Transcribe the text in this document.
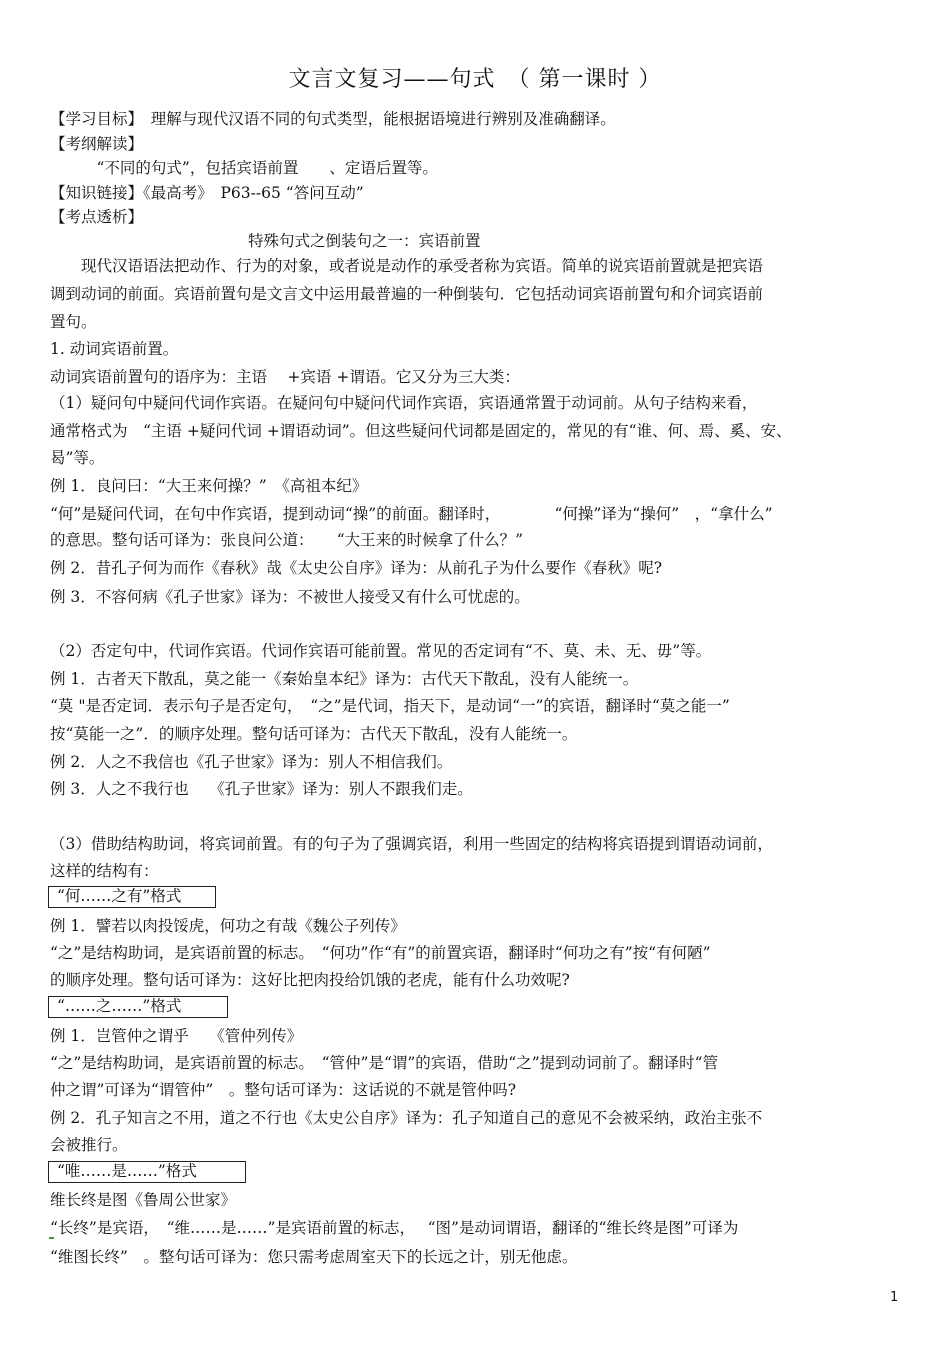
文言文复习——句式　（ 第一课时 ）
【学习目标】　理解与现代汉语不同的句式类型，能根据语境进行辨别及准确翻译。
【考纲解读】
　　　“不同的句式”，包括宾语前置　　、定语后置等。
【知识链接】《最高考》　P63--65 “答问互动”
【考点透析】
特殊句式之倒装句之一：宾语前置
　　现代汉语语法把动作、行为的对象，或者说是动作的承受者称为宾语。简单的说宾语前置就是把宾语
调到动词的前面。宾语前置句是文言文中运用最普遍的一种倒装句．它包括动词宾语前置句和介词宾语前
置句。
1. 动词宾语前置。
动词宾语前置句的语序为：主语　 +宾语 +谓语。它又分为三大类：
（1）疑问句中疑问代词作宾语。在疑问句中疑问代词作宾语，宾语通常置于动词前。从句子结构来看，
通常格式为　“主语 +疑问代词 +谓语动词”。但这些疑问代词都是固定的，常见的有“谁、何、焉、奚、安、
曷”等。
例 1．良问曰：“大王来何操？”　《高祖本纪》
“何”是疑问代词，在句中作宾语，提到动词“操”的前面。翻译时，　　　　“何操”译为“操何”　，“拿什么”
的意思。整句话可译为：张良问公道：　　“大王来的时候拿了什么？”
例 2．昔孔子何为而作《春秋》哉《太史公自序》译为：从前孔子为什么要作《春秋》呢?
例 3．不容何病《孔子世家》译为：不被世人接受又有什么可忧虑的。
（2）否定句中，代词作宾语。代词作宾语可能前置。常见的否定词有“不、莫、未、无、毋”等。
例 1．古者天下散乱，莫之能一《秦始皇本纪》译为：古代天下散乱，没有人能统一。
“莫 "是否定词．表示句子是否定句，　“之”是代词，指天下，是动词“一”的宾语，翻译时“莫之能一”
按“莫能一之”．的顺序处理。整句话可译为：古代天下散乱，没有人能统一。
例 2．人之不我信也《孔子世家》译为：别人不相信我们。
例 3．人之不我行也　 《孔子世家》译为：别人不跟我们走。
（3）借助结构助词，将宾词前置。有的句子为了强调宾语，利用一些固定的结构将宾语提到谓语动词前，
这样的结构有：
“何……之有”格式
例 1．譬若以肉投馁虎，何功之有哉《魏公子列传》
“之”是结构助词，是宾语前置的标志。　“何功”作“有”的前置宾语，翻译时“何功之有”按“有何陋”
的顺序处理。整句话可译为：这好比把肉投给饥饿的老虎，能有什么功效呢?
“……之……”格式
例 1．岂管仲之谓乎　 《管仲列传》
“之”是结构助词，是宾语前置的标志。　“管仲”是“谓”的宾语，借助“之”提到动词前了。翻译时“管
仲之谓”可译为“谓管仲”　。整句话可译为：这话说的不就是管仲吗?
例 2．孔子知言之不用，道之不行也《太史公自序》译为：孔子知道自己的意见不会被采纳，政治主张不
会被推行。
“唯……是……”格式
维长终是图《鲁周公世家》
“长终”是宾语，　“维……是……”是宾语前置的标志，　 “图”是动词谓语，翻译的“维长终是图”可译为
“维图长终”　。整句话可译为：您只需考虑周室天下的长远之计，别无他虑。
1
